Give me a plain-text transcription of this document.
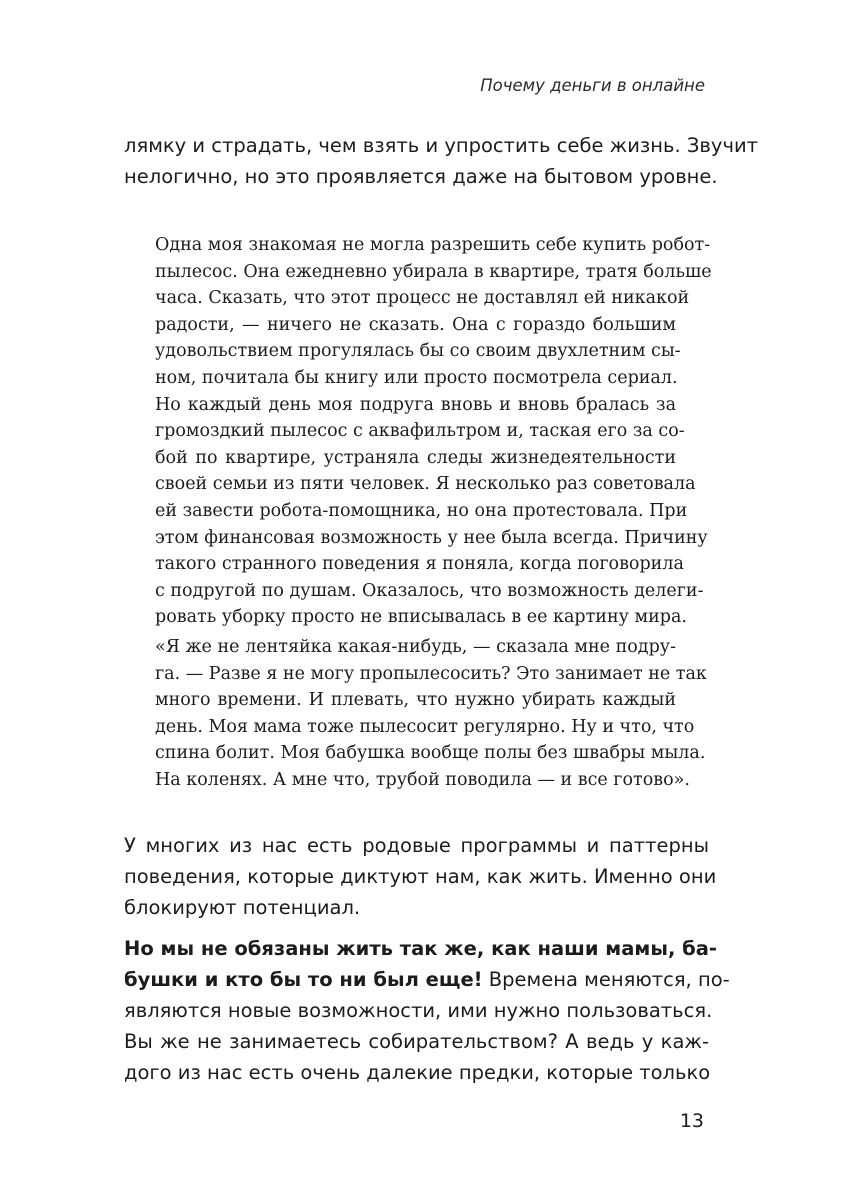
Почему деньги в онлайне
лямку и страдать, чем взять и упростить себе жизнь. Звучит
нелогично, но это проявляется даже на бытовом уровне.
Одна моя знакомая не могла разрешить себе купить робот-
пылесос. Она ежедневно убирала в квартире, тратя больше
часа. Сказать, что этот процесс не доставлял ей никакой
радости, — ничего не сказать. Она с гораздо большим
удовольствием прогулялась бы со своим двухлетним сы-
ном, почитала бы книгу или просто посмотрела сериал.
Но каждый день моя подруга вновь и вновь бралась за
громоздкий пылесос с аквафильтром и, таская его за со-
бой по квартире, устраняла следы жизнедеятельности
своей семьи из пяти человек. Я несколько раз советовала
ей завести робота-помощника, но она протестовала. При
этом финансовая возможность у нее была всегда. Причину
такого странного поведения я поняла, когда поговорила
с подругой по душам. Оказалось, что возможность делеги-
ровать уборку просто не вписывалась в ее картину мира.
«Я же не лентяйка какая-нибудь, — сказала мне подру-
га. — Разве я не могу пропылесосить? Это занимает не так
много времени. И плевать, что нужно убирать каждый
день. Моя мама тоже пылесосит регулярно. Ну и что, что
спина болит. Моя бабушка вообще полы без швабры мыла.
На коленях. А мне что, трубой поводила — и все готово».
У многих из нас есть родовые программы и паттерны
поведения, которые диктуют нам, как жить. Именно они
блокируют потенциал.
Но мы не обязаны жить так же, как наши мамы, ба-
бушки и кто бы то ни был еще! Времена меняются, по-
являются новые возможности, ими нужно пользоваться.
Вы же не занимаетесь собирательством? А ведь у каж-
дого из нас есть очень далекие предки, которые только
13
